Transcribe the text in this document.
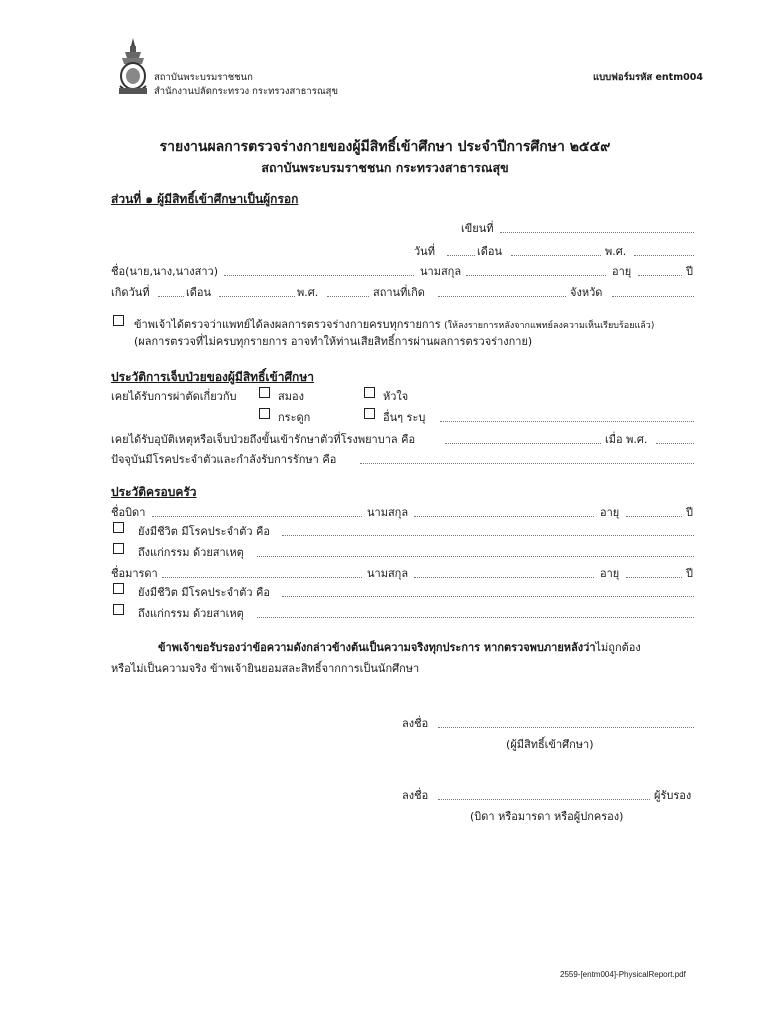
สถาบันพระบรมราชชนก
สำนักงานปลัดกระทรวง กระทรวงสาธารณสุข
แบบฟอร์มรหัส entm004
รายงานผลการตรวจร่างกายของผู้มีสิทธิ์เข้าศึกษา ประจำปีการศึกษา ๒๕๕๙
สถาบันพระบรมราชชนก กระทรวงสาธารณสุข
ส่วนที่ ๑ ผู้มีสิทธิ์เข้าศึกษาเป็นผู้กรอก
เขียนที่
วันที่	เดือน	พ.ศ.
ชื่อ(นาย,นาง,นางสาว)	นามสกุล	อายุ	ปี
เกิดวันที่	เดือน	พ.ศ.	สถานที่เกิด	จังหวัด
ข้าพเจ้าได้ตรวจว่าแพทย์ได้ลงผลการตรวจร่างกายครบทุกรายการ (ให้ลงรายการหลังจากแพทย์ลงความเห็นเรียบร้อยแล้ว)
(ผลการตรวจที่ไม่ครบทุกรายการ อาจทำให้ท่านเสียสิทธิ์การผ่านผลการตรวจร่างกาย)
ประวัติการเจ็บป่วยของผู้มีสิทธิ์เข้าศึกษา
เคยได้รับการผ่าตัดเกี่ยวกับ	สมอง	หัวใจ
กระดูก	อื่นๆ ระบุ
เคยได้รับอุบัติเหตุหรือเจ็บป่วยถึงขั้นเข้ารักษาตัวที่โรงพยาบาล คือ	เมื่อ พ.ศ.
ปัจจุบันมีโรคประจำตัวและกำลังรับการรักษา คือ
ประวัติครอบครัว
ชื่อบิดา	นามสกุล	อายุ	ปี
ยังมีชีวิต มีโรคประจำตัว คือ
ถึงแก่กรรม ด้วยสาเหตุ
ชื่อมารดา	นามสกุล	อายุ	ปี
ยังมีชีวิต มีโรคประจำตัว คือ
ถึงแก่กรรม ด้วยสาเหตุ
ข้าพเจ้าขอรับรองว่าข้อความดังกล่าวข้างต้นเป็นความจริงทุกประการ หากตรวจพบภายหลังว่าไม่ถูกต้อง
หรือไม่เป็นความจริง ข้าพเจ้ายินยอมสละสิทธิ์จากการเป็นนักศึกษา
ลงชื่อ
(ผู้มีสิทธิ์เข้าศึกษา)
ลงชื่อ	ผู้รับรอง
(บิดา หรือมารดา หรือผู้ปกครอง)
2559-[entm004]-PhysicalReport.pdf
